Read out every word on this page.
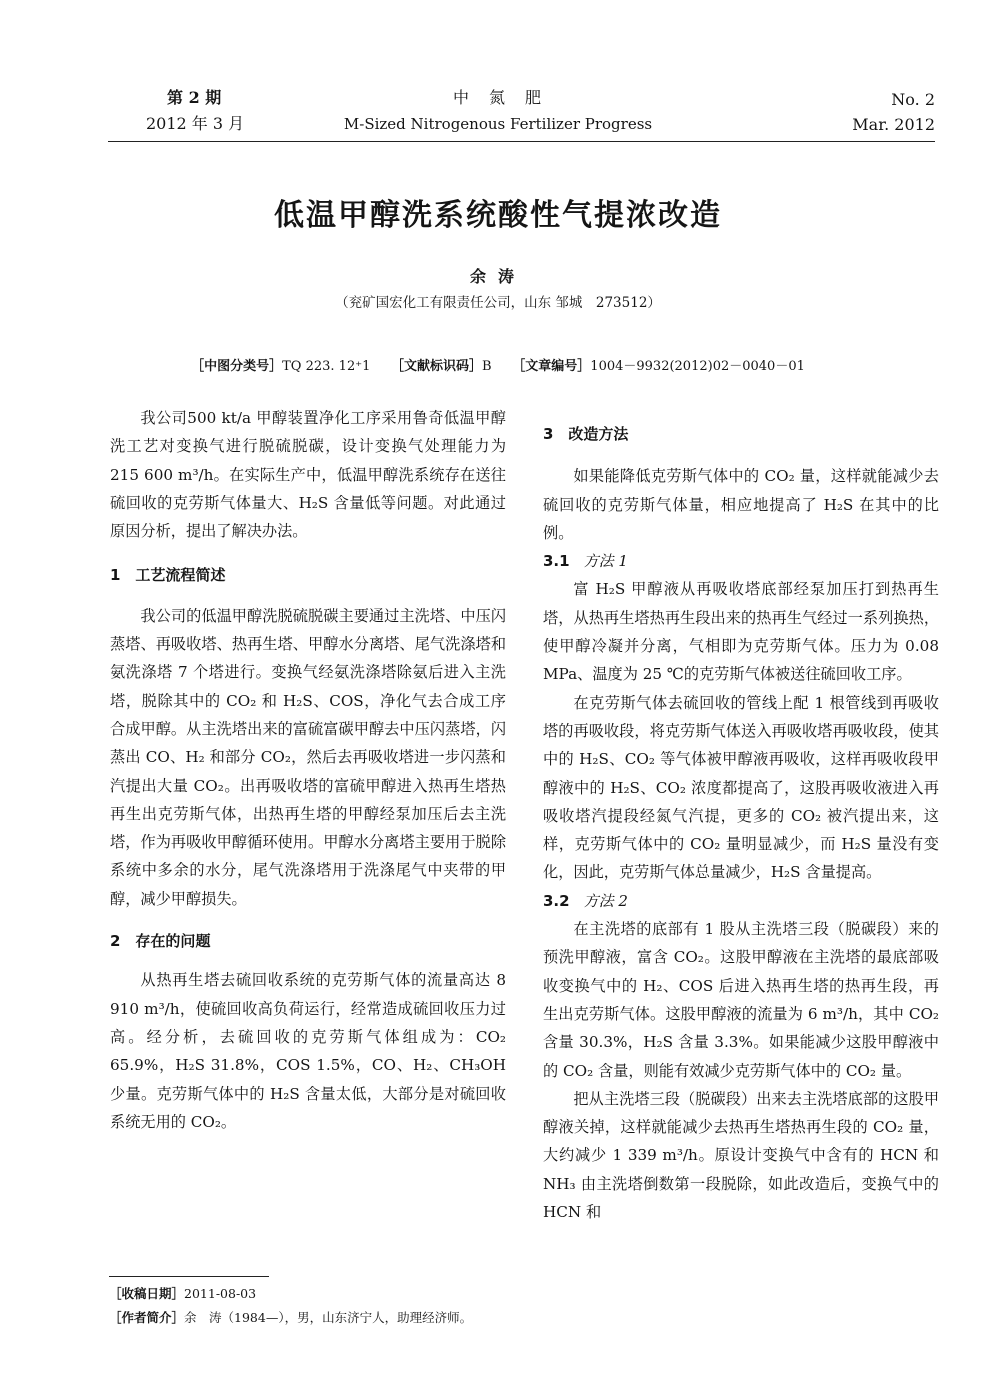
第 2 期
2012 年 3 月
中　氮　肥
M-Sized Nitrogenous Fertilizer Progress
No. 2
Mar. 2012
低温甲醇洗系统酸性气提浓改造
余涛
（兖矿国宏化工有限责任公司，山东 邹城　273512）
［中图分类号］TQ 223. 12⁺1 ［文献标识码］B ［文章编号］1004－9932(2012)02－0040－01

我公司500 kt/a 甲醇装置净化工序采用鲁奇低温甲醇洗工艺对变换气进行脱硫脱碳，设计变换气处理能力为 215 600 m³/h。在实际生产中，低温甲醇洗系统存在送往硫回收的克劳斯气体量大、H₂S 含量低等问题。对此通过原因分析，提出了解决办法。

1　工艺流程简述

我公司的低温甲醇洗脱硫脱碳主要通过主洗塔、中压闪蒸塔、再吸收塔、热再生塔、甲醇水分离塔、尾气洗涤塔和氨洗涤塔 7 个塔进行。变换气经氨洗涤塔除氨后进入主洗塔，脱除其中的 CO₂ 和 H₂S、COS，净化气去合成工序合成甲醇。从主洗塔出来的富硫富碳甲醇去中压闪蒸塔，闪蒸出 CO、H₂ 和部分 CO₂，然后去再吸收塔进一步闪蒸和汽提出大量 CO₂。出再吸收塔的富硫甲醇进入热再生塔热再生出克劳斯气体，出热再生塔的甲醇经泵加压后去主洗塔，作为再吸收甲醇循环使用。甲醇水分离塔主要用于脱除系统中多余的水分，尾气洗涤塔用于洗涤尾气中夹带的甲醇，减少甲醇损失。

2　存在的问题

从热再生塔去硫回收系统的克劳斯气体的流量高达 8 910 m³/h，使硫回收高负荷运行，经常造成硫回收压力过高。经分析，去硫回收的克劳斯气体组成为：CO₂ 65.9%，H₂S 31.8%，COS 1.5%，CO、H₂、CH₃OH 少量。克劳斯气体中的 H₂S 含量太低，大部分是对硫回收系统无用的 CO₂。

3　改造方法

如果能降低克劳斯气体中的 CO₂ 量，这样就能减少去硫回收的克劳斯气体量，相应地提高了 H₂S 在其中的比例。

3.1 方法 1

富 H₂S 甲醇液从再吸收塔底部经泵加压打到热再生塔，从热再生塔热再生段出来的热再生气经过一系列换热，使甲醇冷凝并分离，气相即为克劳斯气体。压力为 0.08 MPa、温度为 25 ℃的克劳斯气体被送往硫回收工序。

在克劳斯气体去硫回收的管线上配 1 根管线到再吸收塔的再吸收段，将克劳斯气体送入再吸收塔再吸收段，使其中的 H₂S、CO₂ 等气体被甲醇液再吸收，这样再吸收段甲醇液中的 H₂S、CO₂ 浓度都提高了，这股再吸收液进入再吸收塔汽提段经氮气汽提，更多的 CO₂ 被汽提出来，这样，克劳斯气体中的 CO₂ 量明显减少，而 H₂S 量没有变化，因此，克劳斯气体总量减少，H₂S 含量提高。

3.2 方法 2

在主洗塔的底部有 1 股从主洗塔三段（脱碳段）来的预洗甲醇液，富含 CO₂。这股甲醇液在主洗塔的最底部吸收变换气中的 H₂、COS 后进入热再生塔的热再生段，再生出克劳斯气体。这股甲醇液的流量为 6 m³/h，其中 CO₂ 含量 30.3%，H₂S 含量 3.3%。如果能减少这股甲醇液中的 CO₂ 含量，则能有效减少克劳斯气体中的 CO₂ 量。

把从主洗塔三段（脱碳段）出来去主洗塔底部的这股甲醇液关掉，这样就能减少去热再生塔热再生段的 CO₂ 量，大约减少 1 339 m³/h。原设计变换气中含有的 HCN 和 NH₃ 由主洗塔倒数第一段脱除，如此改造后，变换气中的 HCN 和

［收稿日期］2011-08-03
［作者简介］余　涛（1984—），男，山东济宁人，助理经济师。
